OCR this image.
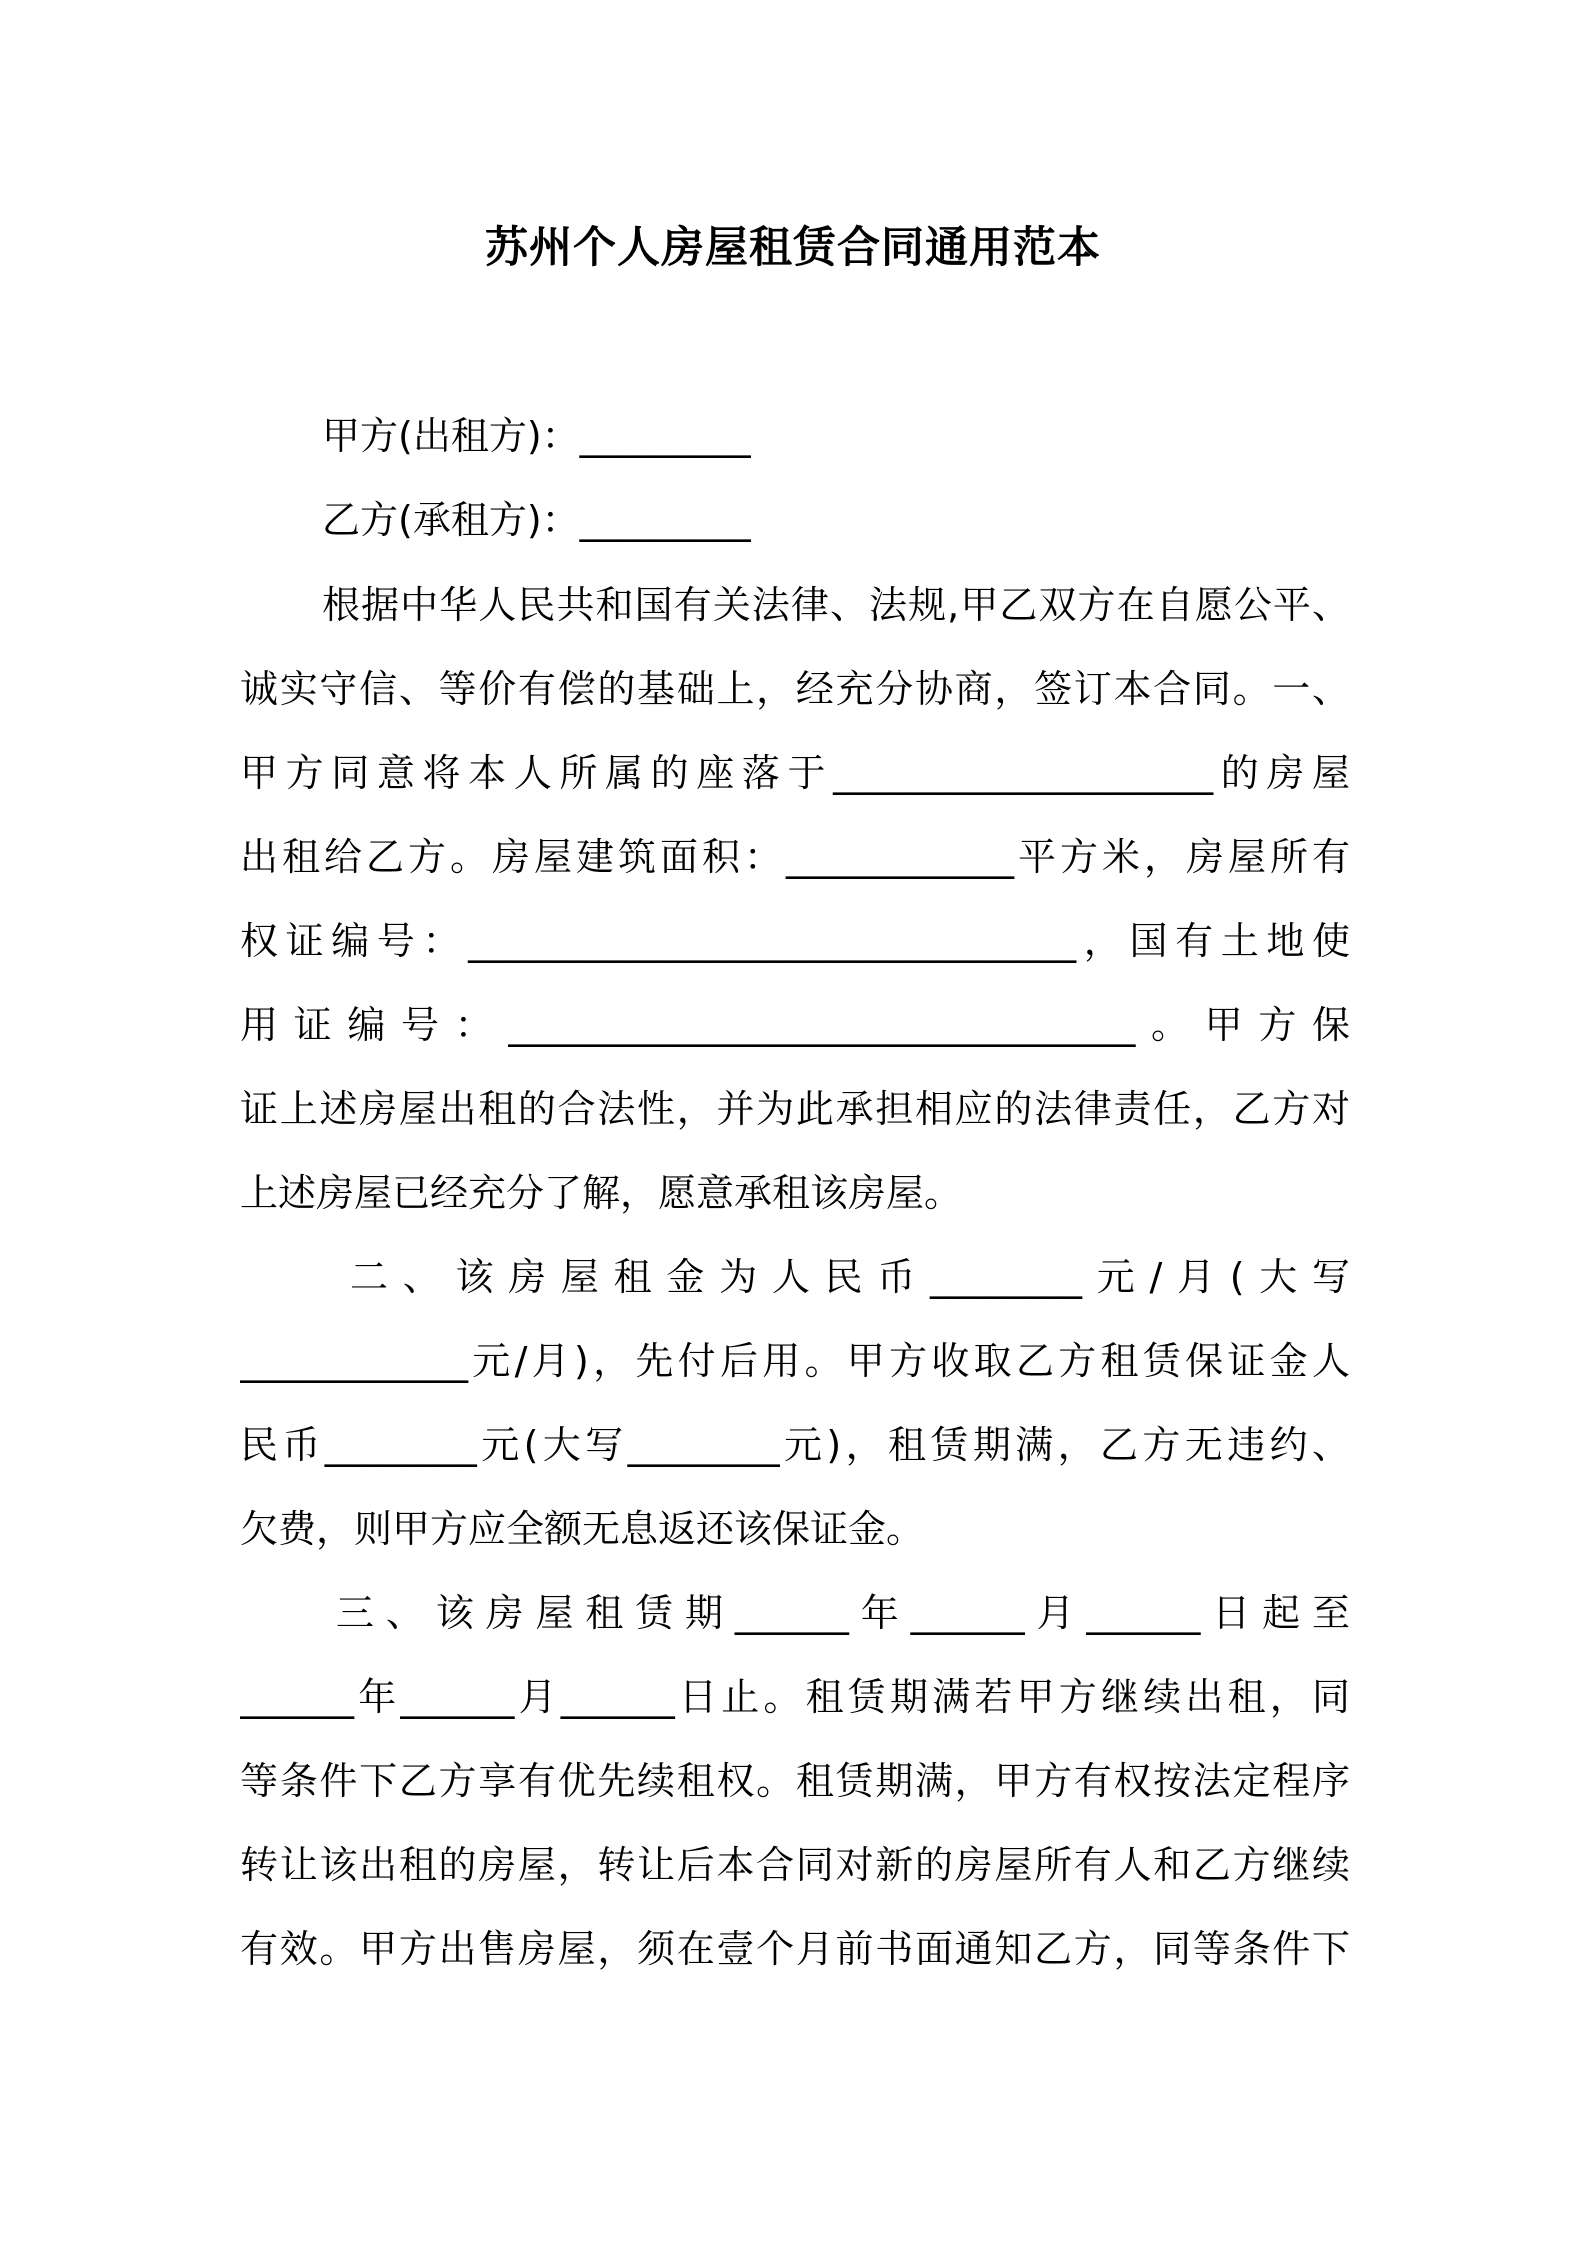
苏州个人房屋租赁合同通用范本
甲方(出租方)：_________
乙方(承租方)：_________
根据中华人民共和国有关法律、法规,甲乙双方在自愿公平、
诚实守信、等价有偿的基础上，经充分协商，签订本合同。一、
甲方同意将本人所属的座落于____________________的房屋
出租给乙方。房屋建筑面积：____________平方米，房屋所有
权证编号：________________________________，国有土地使
用证编号：_________________________________。甲方保
证上述房屋出租的合法性，并为此承担相应的法律责任，乙方对
上述房屋已经充分了解，愿意承租该房屋。
二、该房屋租金为人民币________元/月(大写
____________元/月)，先付后用。甲方收取乙方租赁保证金人
民币________元(大写________元)，租赁期满，乙方无违约、
欠费，则甲方应全额无息返还该保证金。
三、该房屋租赁期______年______月______日起至
______年______月______日止。租赁期满若甲方继续出租，同
等条件下乙方享有优先续租权。租赁期满，甲方有权按法定程序
转让该出租的房屋，转让后本合同对新的房屋所有人和乙方继续
有效。甲方出售房屋，须在壹个月前书面通知乙方，同等条件下
